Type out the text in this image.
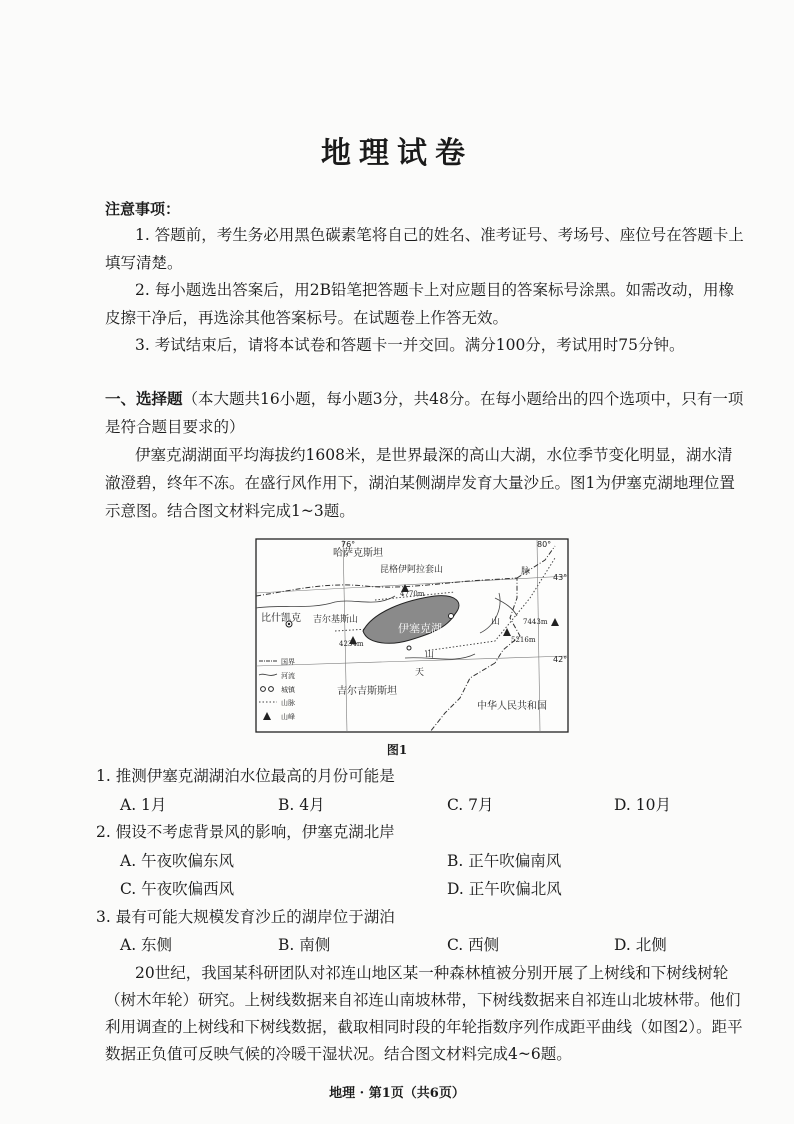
地理试卷
注意事项：
1. 答题前，考生务必用黑色碳素笔将自己的姓名、准考证号、考场号、座位号在答题卡上填写清楚。
2. 每小题选出答案后，用2B铅笔把答题卡上对应题目的答案标号涂黑。如需改动，用橡皮擦干净后，再选涂其他答案标号。在试题卷上作答无效。
3. 考试结束后，请将本试卷和答题卡一并交回。满分100分，考试用时75分钟。
一、选择题（本大题共16小题，每小题3分，共48分。在每小题给出的四个选项中，只有一项是符合题目要求的）
伊塞克湖湖面平均海拔约1608米，是世界最深的高山大湖，水位季节变化明显，湖水清澈澄碧，终年不冻。在盛行风作用下，湖泊某侧湖岸发育大量沙丘。图1为伊塞克湖地理位置示意图。结合图文材料完成1~3题。
哈萨克斯坦
昆格伊阿拉套山
4770m
比什凯克 吉尔基斯山
伊塞克湖
4234m	5216m
7443m
天
山
山
脉
吉尔吉斯斯坦
中华人民共和国
76°	80°
43°
42°
国界
河流
城镇
山脉
山峰
图1
1. 推测伊塞克湖湖泊水位最高的月份可能是
A. 1月	B. 4月	C. 7月	D. 10月
2. 假设不考虑背景风的影响，伊塞克湖北岸
A. 午夜吹偏东风	B. 正午吹偏南风
C. 午夜吹偏西风	D. 正午吹偏北风
3. 最有可能大规模发育沙丘的湖岸位于湖泊
A. 东侧	B. 南侧	C. 西侧	D. 北侧
20世纪，我国某科研团队对祁连山地区某一种森林植被分别开展了上树线和下树线树轮（树木年轮）研究。上树线数据来自祁连山南坡林带，下树线数据来自祁连山北坡林带。他们利用调查的上树线和下树线数据，截取相同时段的年轮指数序列作成距平曲线（如图2）。距平数据正负值可反映气候的冷暖干湿状况。结合图文材料完成4~6题。
地理 · 第1页（共6页）
